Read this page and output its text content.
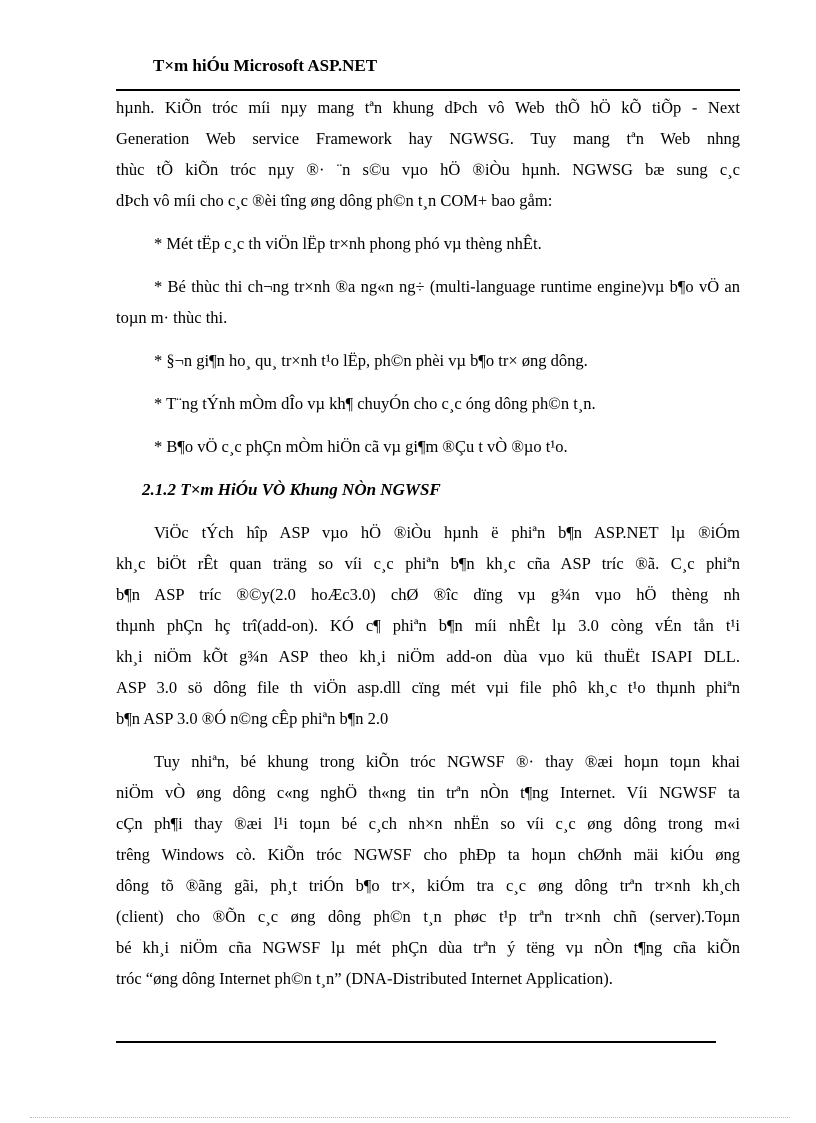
T×m hiÓu Microsoft ASP.NET

hµnh. KiÕn tróc míi nµy mang tªn khung dÞch vô Web thÕ hÖ kÕ tiÕp - Next
Generation Web service Framework hay NGWSG. Tuy mang tªn Web nhng
thùc tÕ kiÕn tróc nµy ®· ¨n s©u vµo hÖ ®iÒu hµnh. NGWSG bæ sung c¸c
dÞch vô míi cho c¸c ®èi tîng øng dông ph©n t¸n COM+ bao gåm:

* Mét tËp c¸c th viÖn lËp tr×nh phong phó vµ thèng nhÊt.

* Bé thùc thi ch¬ng tr×nh ®a ng«n ng÷ (multi-language runtime engine)vµ b¶o vÖ an toµn m· thùc thi.

* §¬n gi¶n ho¸ qu¸ tr×nh t¹o lËp, ph©n phèi vµ b¶o tr× øng dông.

* T¨ng tÝnh mÒm dÎo vµ kh¶ chuyÓn cho c¸c óng dông ph©n t¸n.

* B¶o vÖ c¸c phÇn mÒm hiÖn cã vµ gi¶m ®Çu t vÒ ®µo t¹o.

2.1.2 T×m HiÓu VÒ Khung NÒn NGWSF

ViÖc tÝch hîp ASP vµo hÖ ®iÒu hµnh ë phiªn b¶n ASP.NET lµ ®iÓm
kh¸c biÖt rÊt quan träng so víi c¸c phiªn b¶n kh¸c cña ASP tríc ®ã. C¸c phiªn
b¶n ASP tríc ®©y(2.0 hoÆc3.0) chØ ®îc dïng vµ g¾n vµo hÖ thèng nh
thµnh phÇn hç trî(add-on). KÓ c¶ phiªn b¶n míi nhÊt lµ 3.0 còng vÉn tån t¹i
kh¸i niÖm kÕt g¾n ASP theo kh¸i niÖm add-on dùa vµo kü thuËt ISAPI DLL.
ASP 3.0 sö dông file th viÖn asp.dll cïng mét vµi file phô kh¸c t¹o thµnh phiªn
b¶n ASP 3.0 ®Ó n©ng cÊp phiªn b¶n 2.0

Tuy nhiªn, bé khung trong kiÕn tróc NGWSF ®· thay ®æi hoµn toµn khai
niÖm vÒ øng dông c«ng nghÖ th«ng tin trªn nÒn t¶ng Internet. Víi NGWSF ta
cÇn ph¶i thay ®æi l¹i toµn bé c¸ch nh×n nhËn so víi c¸c øng dông trong m«i
trêng Windows cò. KiÕn tróc NGWSF cho phÐp ta hoµn chØnh mäi kiÓu øng
dông tõ ®ãng gãi, ph¸t triÓn b¶o tr×, kiÓm tra c¸c øng dông trªn tr×nh kh¸ch
(client) cho ®Õn c¸c øng dông ph©n t¸n phøc t¹p trªn tr×nh chñ (server).Toµn
bé kh¸i niÖm cña NGWSF lµ mét phÇn dùa trªn ý tëng vµ nÒn t¶ng cña kiÕn
tróc “øng dông Internet ph©n t¸n” (DNA-Distributed Internet Application).
